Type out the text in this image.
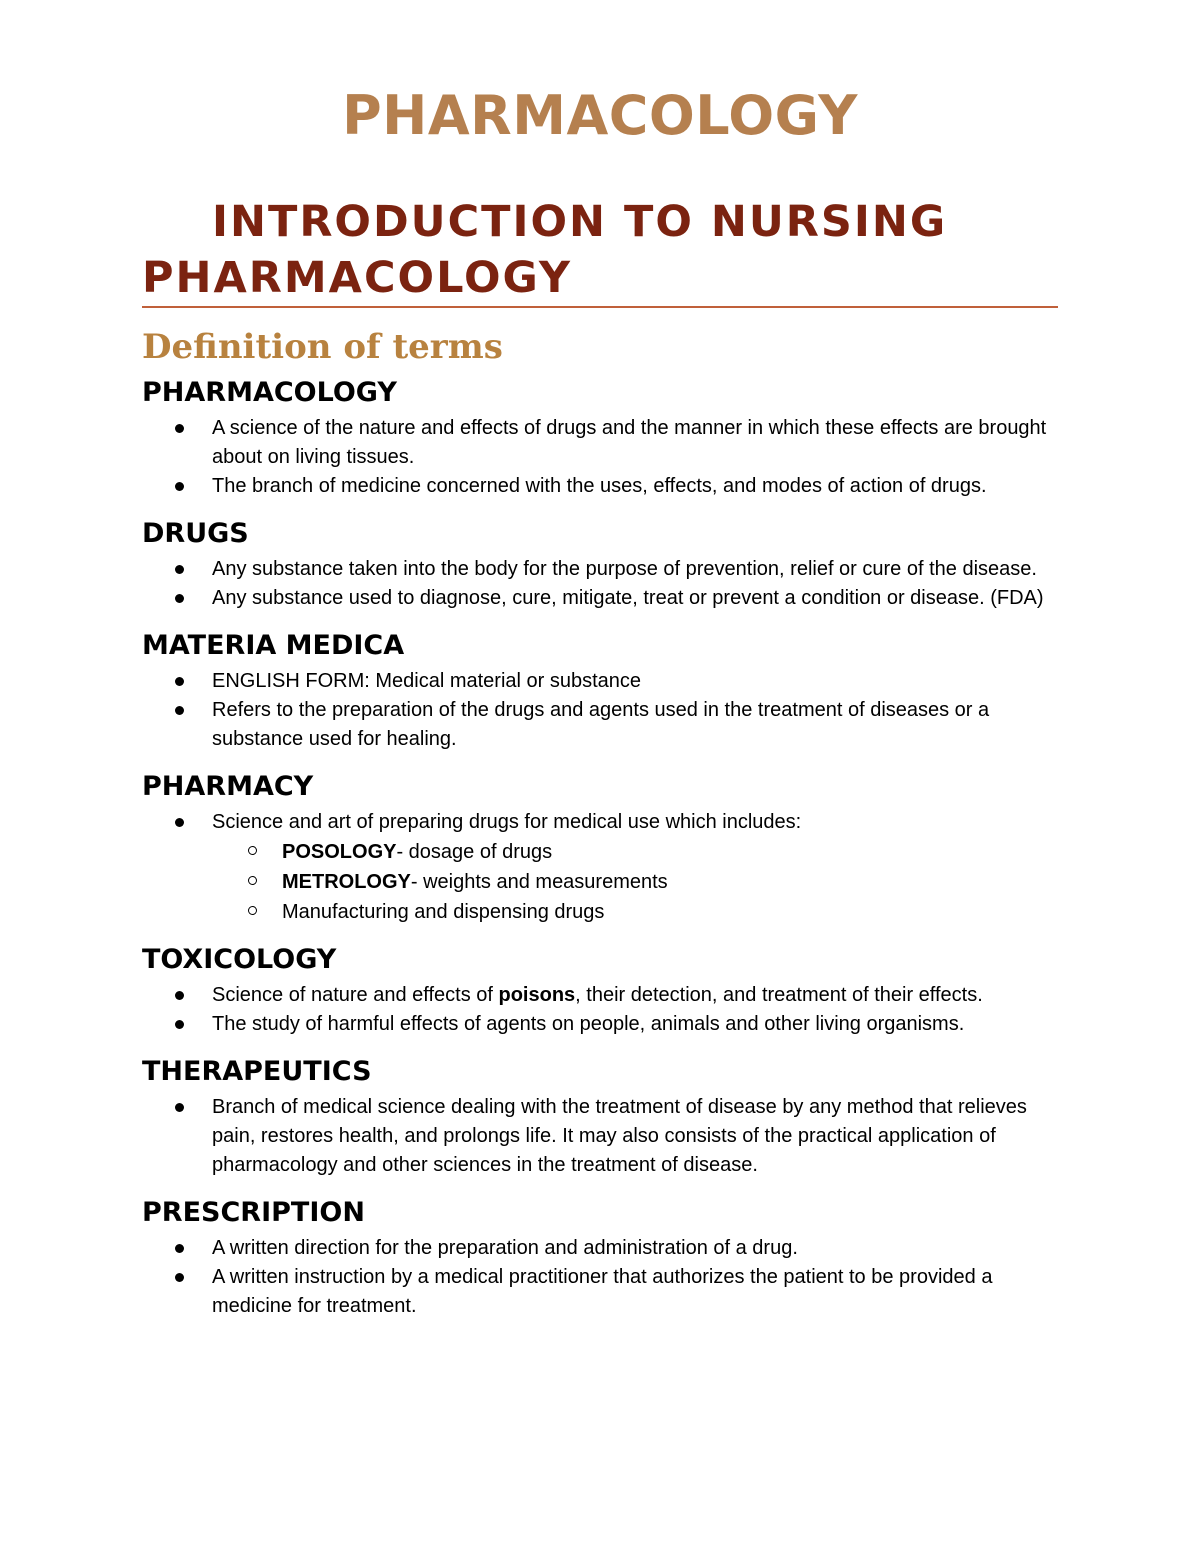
PHARMACOLOGY
INTRODUCTION TO NURSING
PHARMACOLOGY
Definition of terms
PHARMACOLOGY
A science of the nature and effects of drugs and the manner in which these effects are brought about on living tissues.
The branch of medicine concerned with the uses, effects, and modes of action of drugs.
DRUGS
Any substance taken into the body for the purpose of prevention, relief or cure of the disease.
Any substance used to diagnose, cure, mitigate, treat or prevent a condition or disease. (FDA)
MATERIA MEDICA
ENGLISH FORM: Medical material or substance
Refers to the preparation of the drugs and agents used in the treatment of diseases or a substance used for healing.
PHARMACY
Science and art of preparing drugs for medical use which includes:
POSOLOGY- dosage of drugs
METROLOGY- weights and measurements
Manufacturing and dispensing drugs
TOXICOLOGY
Science of nature and effects of poisons, their detection, and treatment of their effects.
The study of harmful effects of agents on people, animals and other living organisms.
THERAPEUTICS
Branch of medical science dealing with the treatment of disease by any method that relieves pain, restores health, and prolongs life. It may also consists of the practical application of pharmacology and other sciences in the treatment of disease.
PRESCRIPTION
A written direction for the preparation and administration of a drug.
A written instruction by a medical practitioner that authorizes the patient to be provided a medicine for treatment.
